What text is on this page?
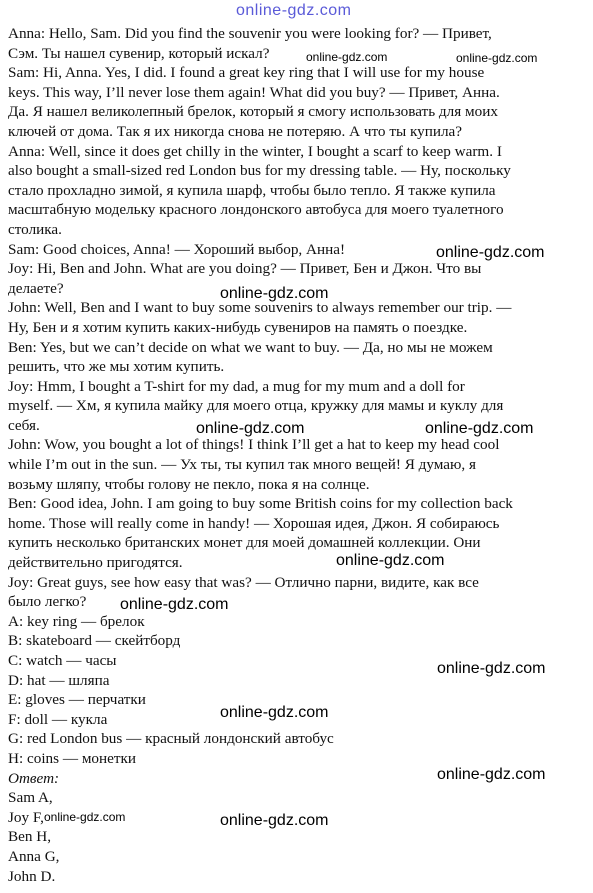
online-gdz.com
Anna: Hello, Sam. Did you find the souvenir you were looking for? — Привет,
Сэм. Ты нашел сувенир, который искал?
Sam: Hi, Anna. Yes, I did. I found a great key ring that I will use for my house
keys. This way, I’ll never lose them again! What did you buy? — Привет, Анна.
Да. Я нашел великолепный брелок, который я смогу использовать для моих
ключей от дома. Так я их никогда снова не потеряю. А что ты купила?
Anna: Well, since it does get chilly in the winter, I bought a scarf to keep warm. I
also bought a small-sized red London bus for my dressing table. — Ну, поскольку
стало прохладно зимой, я купила шарф, чтобы было тепло. Я также купила
масштабную модельку красного лондонского автобуса для моего туалетного
столика.
Sam: Good choices, Anna! — Хороший выбор, Анна!
Joy: Hi, Ben and John. What are you doing? — Привет, Бен и Джон. Что вы
делаете?
John: Well, Ben and I want to buy some souvenirs to always remember our trip. —
Ну, Бен и я хотим купить каких-нибудь сувениров на память о поездке.
Ben: Yes, but we can’t decide on what we want to buy. — Да, но мы не можем
решить, что же мы хотим купить.
Joy: Hmm, I bought a T-shirt for my dad, a mug for my mum and a doll for
myself. — Хм, я купила майку для моего отца, кружку для мамы и куклу для
себя.
John: Wow, you bought a lot of things! I think I’ll get a hat to keep my head cool
while I’m out in the sun. — Ух ты, ты купил так много вещей! Я думаю, я
возьму шляпу, чтобы голову не пекло, пока я на солнце.
Ben: Good idea, John. I am going to buy some British coins for my collection back
home. Those will really come in handy! — Хорошая идея, Джон. Я собираюсь
купить несколько британских монет для моей домашней коллекции. Они
действительно пригодятся.
Joy: Great guys, see how easy that was? — Отлично парни, видите, как все
было легко?
A: key ring — брелок
B: skateboard — скейтборд
C: watch — часы
D: hat — шляпа
E: gloves — перчатки
F: doll — кукла
G: red London bus — красный лондонский автобус
H: coins — монетки
Ответ:
Sam A,
Joy F,
Ben H,
Anna G,
John D.
online-gdz.com	online-gdz.com
online-gdz.com
online-gdz.com
online-gdz.com	online-gdz.com
online-gdz.com
online-gdz.com
online-gdz.com
online-gdz.com
online-gdz.com
online-gdz.com	online-gdz.com
